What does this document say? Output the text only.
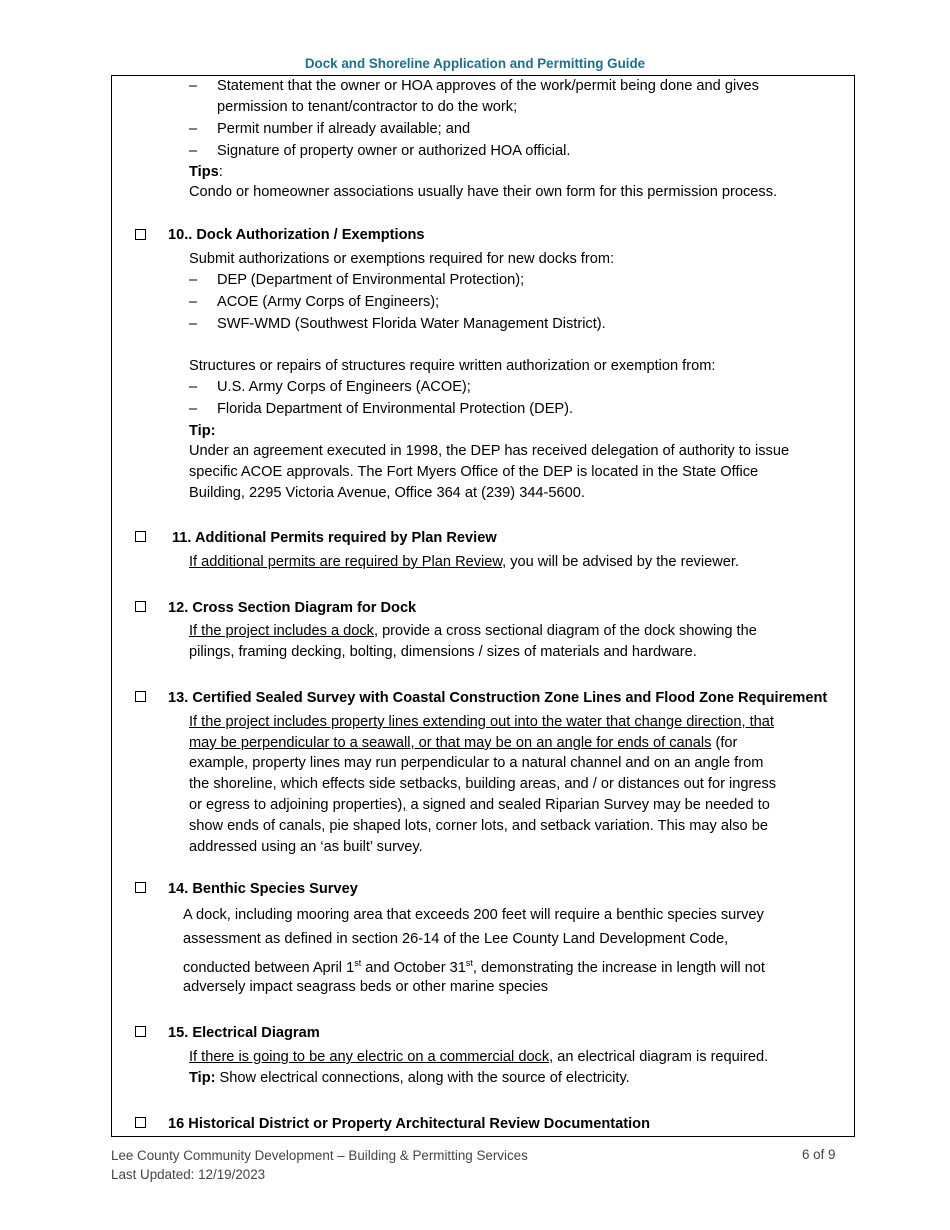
Dock and Shoreline Application and Permitting Guide
– Statement that the owner or HOA approves of the work/permit being done and gives
permission to tenant/contractor to do the work;
– Permit number if already available; and
– Signature of property owner or authorized HOA official.
Tips:
Condo or homeowner associations usually have their own form for this permission process.
10.. Dock Authorization / Exemptions
Submit authorizations or exemptions required for new docks from:
– DEP (Department of Environmental Protection);
– ACOE (Army Corps of Engineers);
– SWF-WMD (Southwest Florida Water Management District).
Structures or repairs of structures require written authorization or exemption from:
– U.S. Army Corps of Engineers (ACOE);
– Florida Department of Environmental Protection (DEP).
Tip:
Under an agreement executed in 1998, the DEP has received delegation of authority to issue
specific ACOE approvals. The Fort Myers Office of the DEP is located in the State Office
Building, 2295 Victoria Avenue, Office 364 at (239) 344-5600.
11. Additional Permits required by Plan Review
If additional permits are required by Plan Review, you will be advised by the reviewer.
12. Cross Section Diagram for Dock
If the project includes a dock, provide a cross sectional diagram of the dock showing the
pilings, framing decking, bolting, dimensions / sizes of materials and hardware.
13. Certified Sealed Survey with Coastal Construction Zone Lines and Flood Zone Requirement
If the project includes property lines extending out into the water that change direction, that
may be perpendicular to a seawall, or that may be on an angle for ends of canals (for
example, property lines may run perpendicular to a natural channel and on an angle from
the shoreline, which effects side setbacks, building areas, and / or distances out for ingress
or egress to adjoining properties), a signed and sealed Riparian Survey may be needed to
show ends of canals, pie shaped lots, corner lots, and setback variation. This may also be
addressed using an ‘as built’ survey.
14. Benthic Species Survey
A dock, including mooring area that exceeds 200 feet will require a benthic species survey
assessment as defined in section 26-14 of the Lee County Land Development Code,
conducted between April 1st and October 31st, demonstrating the increase in length will not
adversely impact seagrass beds or other marine species
15. Electrical Diagram
If there is going to be any electric on a commercial dock, an electrical diagram is required.
Tip: Show electrical connections, along with the source of electricity.
16 Historical District or Property Architectural Review Documentation
Lee County Community Development – Building & Permitting Services
Last Updated: 12/19/2023
6 of 9
